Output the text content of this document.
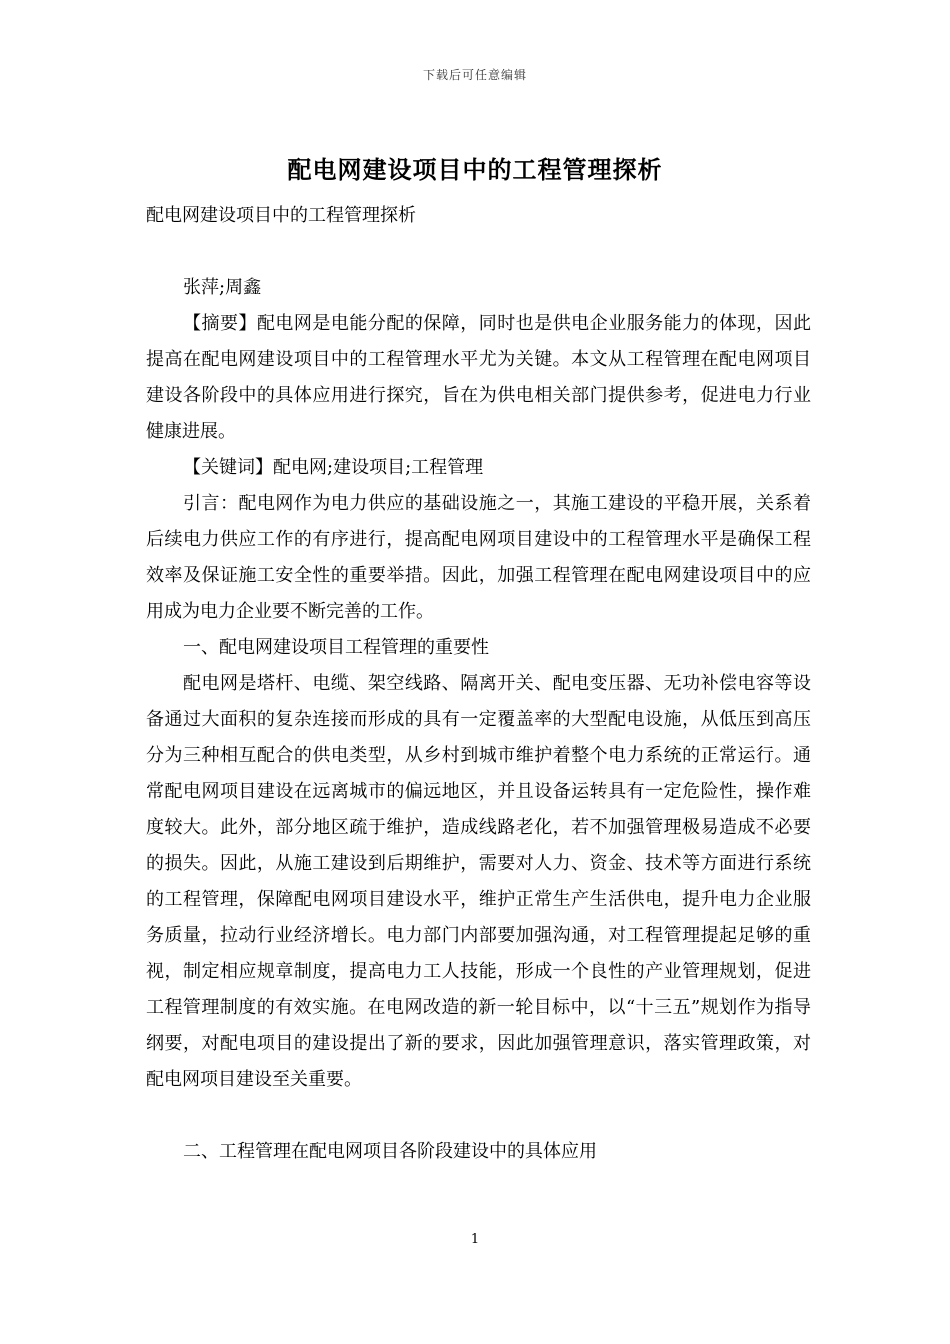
下载后可任意编辑
配电网建设项目中的工程管理探析

配电网建设项目中的工程管理探析

张萍;周鑫

【摘要】配电网是电能分配的保障，同时也是供电企业服务能力的体现，因此提高在配电网建设项目中的工程管理水平尤为关键。本文从工程管理在配电网项目建设各阶段中的具体应用进行探究，旨在为供电相关部门提供参考，促进电力行业健康进展。

【关键词】配电网;建设项目;工程管理

引言：配电网作为电力供应的基础设施之一，其施工建设的平稳开展，关系着后续电力供应工作的有序进行，提高配电网项目建设中的工程管理水平是确保工程效率及保证施工安全性的重要举措。因此，加强工程管理在配电网建设项目中的应用成为电力企业要不断完善的工作。

一、配电网建设项目工程管理的重要性

配电网是塔杆、电缆、架空线路、隔离开关、配电变压器、无功补偿电容等设备通过大面积的复杂连接而形成的具有一定覆盖率的大型配电设施，从低压到高压分为三种相互配合的供电类型，从乡村到城市维护着整个电力系统的正常运行。通常配电网项目建设在远离城市的偏远地区，并且设备运转具有一定危险性，操作难度较大。此外，部分地区疏于维护，造成线路老化，若不加强管理极易造成不必要的损失。因此，从施工建设到后期维护，需要对人力、资金、技术等方面进行系统的工程管理，保障配电网项目建设水平，维护正常生产生活供电，提升电力企业服务质量，拉动行业经济增长。电力部门内部要加强沟通，对工程管理提起足够的重视，制定相应规章制度，提高电力工人技能，形成一个良性的产业管理规划，促进工程管理制度的有效实施。在电网改造的新一轮目标中，以“十三五”规划作为指导纲要，对配电项目的建设提出了新的要求，因此加强管理意识，落实管理政策，对配电网项目建设至关重要。

二、工程管理在配电网项目各阶段建设中的具体应用

1
